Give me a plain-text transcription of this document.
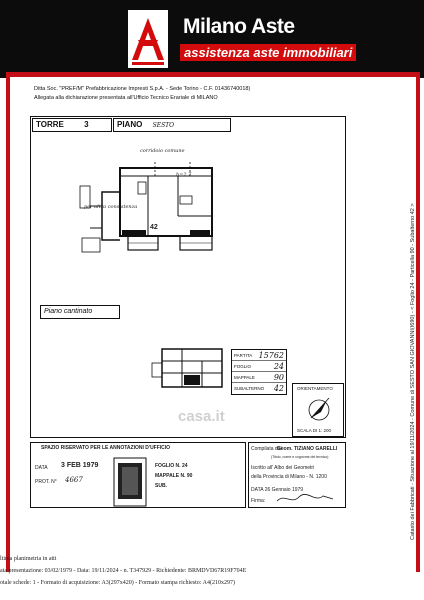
Milano Aste
assistenza aste immobiliari
Ditta Soc. "PREF/M" Prefabbricazione Impresti S.p.A. - Sede Torino - C.F. 01436740018)
Allegata alla dichiarazione presentata all'Ufficio Tecnico Erariale di MILANO
TORRE	3	PIANO SESTO
corridoio comune
per altra consistenza
h=2,7
42
Piano cantinato
PARTITA 15762
FOGLIO	24
MAPPALE 90
SUBALTERNO 42	ORIENTAMENTO
SCALA DI 1: 200
casa.it
SPAZIO RISERVATO PER LE ANNOTAZIONI D'UFFICIO
DATA 3 FEB 1979
PROT. N° 4667
FOGLIO N. 24
MAPPALE N. 90
SUB.
Compilata dal
Geom. TIZIANO GARELLI
(Titolo, nome e cognome del tecnico)
Iscritto all' Albo dei Geometri
della Provincia di Milano - N. 1200
DATA 26 Gennaio 1979
Firma:	Catasto dei Fabbricati - Situazione al 19/11/2024 - Comune di SESTO SAN GIOVANNI(I690) - < Foglio 24 - Particella 90 - Subalterno 42 >
ltima planimetria in atti
ata presentazione: 03/02/1979 - Data: 19/11/2024 - n. T347929 - Richiedente: BRMDVD67R19F704E
otale schede: 1 - Formato di acquisizione: A3(297x420) - Formato stampa richiesto: A4(210x297)
